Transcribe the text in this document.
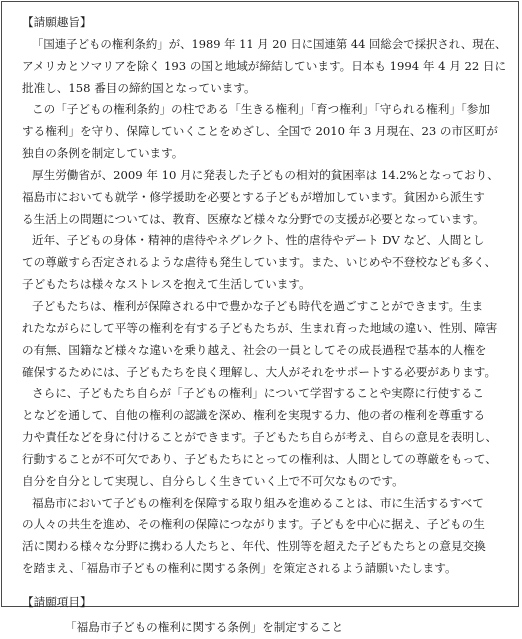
【請願趣旨】
「国連子どもの権利条約」が、1989 年 11 月 20 日に国連第 44 回総会で採択され、現在、
アメリカとソマリアを除く 193 の国と地域が締結しています。日本も 1994 年 4 月 22 日に
批准し、158 番目の締約国となっています。
この「子どもの権利条約」の柱である「生きる権利」「育つ権利」「守られる権利」「参加
する権利」を守り、保障していくことをめざし、全国で 2010 年 3 月現在、23 の市区町が
独自の条例を制定しています。
厚生労働省が、2009 年 10 月に発表した子どもの相対的貧困率は 14.2%となっており、
福島市においても就学・修学援助を必要とする子どもが増加しています。貧困から派生す
る生活上の問題については、教育、医療など様々な分野での支援が必要となっています。
近年、子どもの身体・精神的虐待やネグレクト、性的虐待やデート DV など、人間とし
ての尊厳すら否定されるような虐待も発生しています。また、いじめや不登校なども多く、
子どもたちは様々なストレスを抱えて生活しています。
子どもたちは、権利が保障される中で豊かな子ども時代を過ごすことができます。生ま
れたながらにして平等の権利を有する子どもたちが、生まれ育った地域の違い、性別、障害
の有無、国籍など様々な違いを乗り越え、社会の一員としてその成長過程で基本的人権を
確保するためには、子どもたちを良く理解し、大人がそれをサポートする必要があります。
さらに、子どもたち自らが「子どもの権利」について学習することや実際に行使するこ
となどを通して、自他の権利の認識を深め、権利を実現する力、他の者の権利を尊重する
力や責任などを身に付けることができます。子どもたち自らが考え、自らの意見を表明し、
行動することが不可欠であり、子どもたちにとっての権利は、人間としての尊厳をもって、
自分を自分として実現し、自分らしく生きていく上で不可欠なものです。
福島市において子どもの権利を保障する取り組みを進めることは、市に生活するすべて
の人々の共生を進め、その権利の保障につながります。子どもを中心に据え、子どもの生
活に関わる様々な分野に携わる人たちと、年代、性別等を超えた子どもたちとの意見交換
を踏まえ、「福島市子どもの権利に関する条例」を策定されるよう請願いたします。
【請願項目】
「福島市子どもの権利に関する条例」を制定すること
